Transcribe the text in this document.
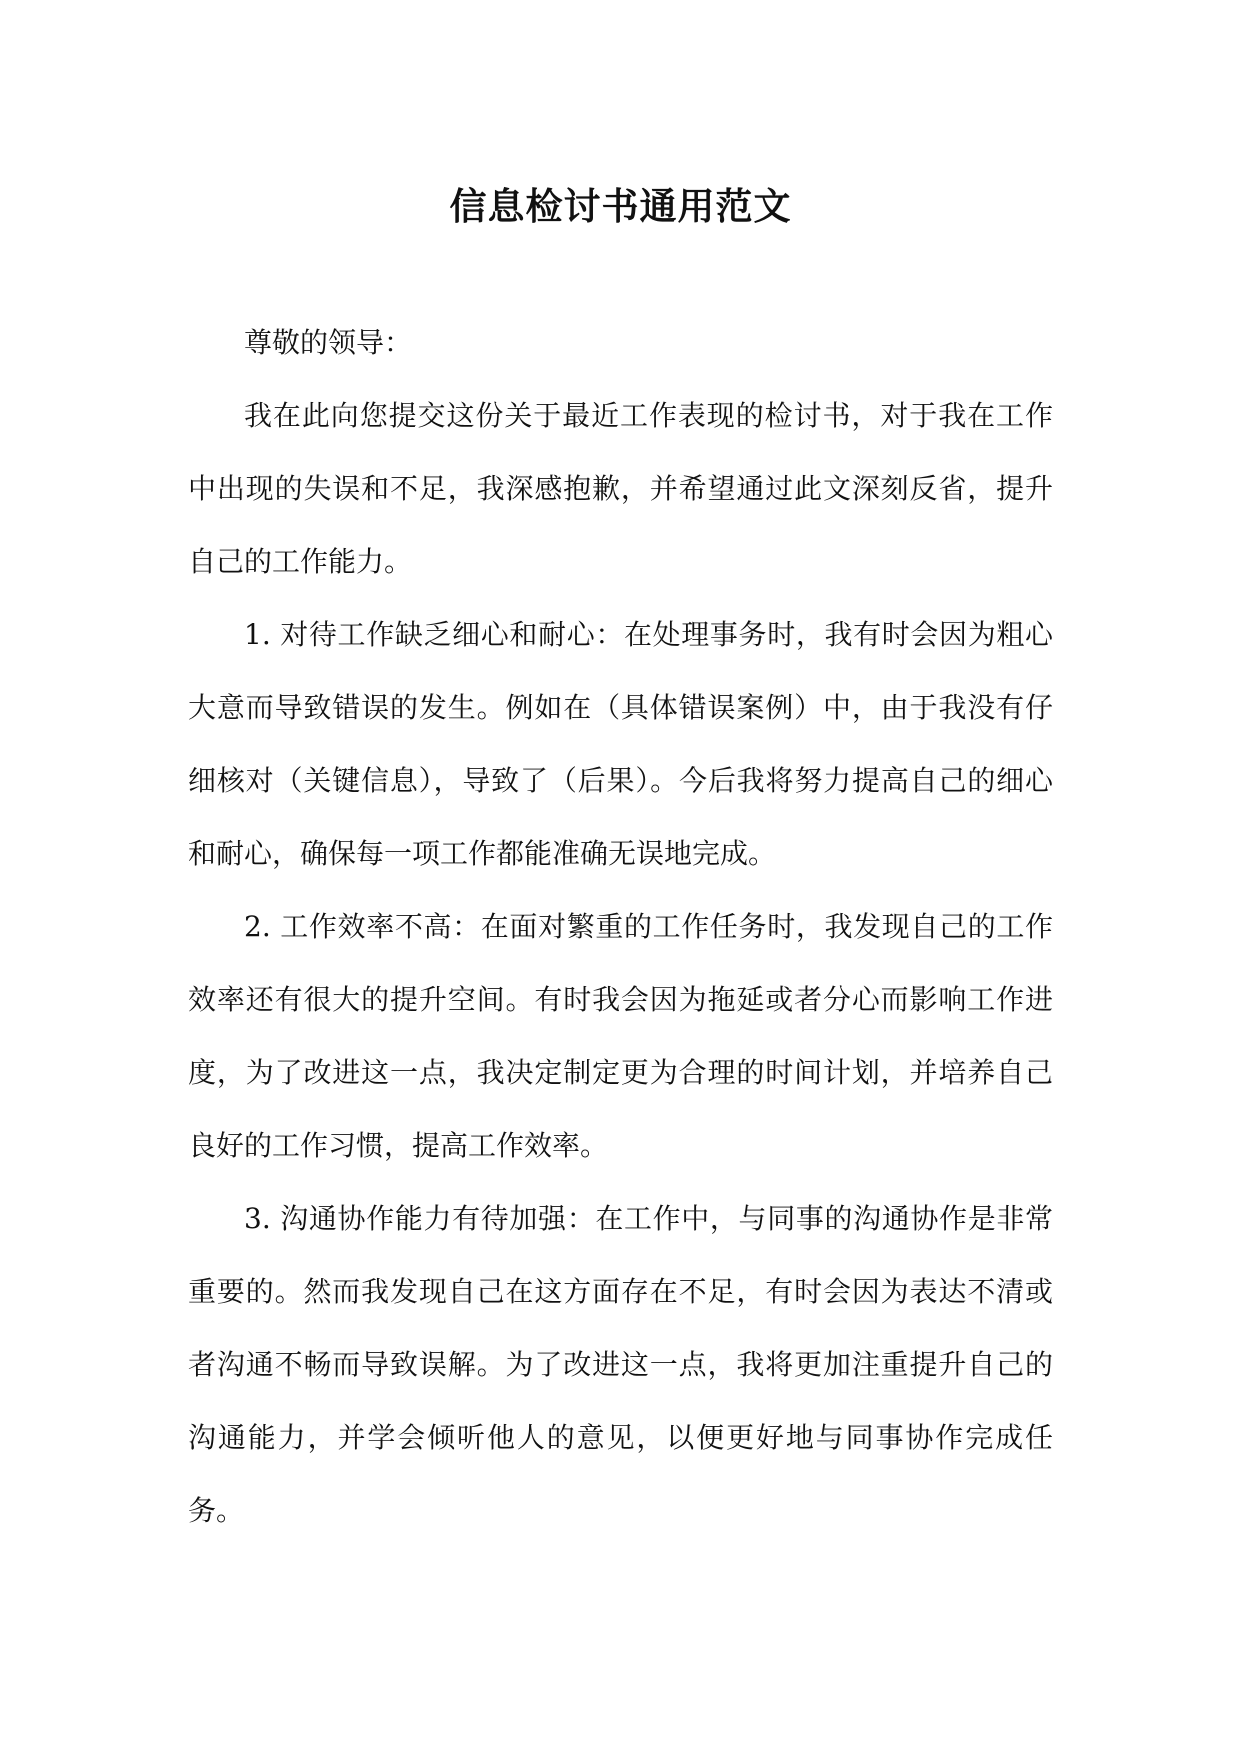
信息检讨书通用范文

尊敬的领导：

我在此向您提交这份关于最近工作表现的检讨书，对于我在工作中出现的失误和不足，我深感抱歉，并希望通过此文深刻反省，提升自己的工作能力。

1. 对待工作缺乏细心和耐心：在处理事务时，我有时会因为粗心大意而导致错误的发生。例如在（具体错误案例）中，由于我没有仔细核对（关键信息），导致了（后果）。今后我将努力提高自己的细心和耐心，确保每一项工作都能准确无误地完成。

2. 工作效率不高：在面对繁重的工作任务时，我发现自己的工作效率还有很大的提升空间。有时我会因为拖延或者分心而影响工作进度，为了改进这一点，我决定制定更为合理的时间计划，并培养自己良好的工作习惯，提高工作效率。

3. 沟通协作能力有待加强：在工作中，与同事的沟通协作是非常重要的。然而我发现自己在这方面存在不足，有时会因为表达不清或者沟通不畅而导致误解。为了改进这一点，我将更加注重提升自己的沟通能力，并学会倾听他人的意见，以便更好地与同事协作完成任务。
